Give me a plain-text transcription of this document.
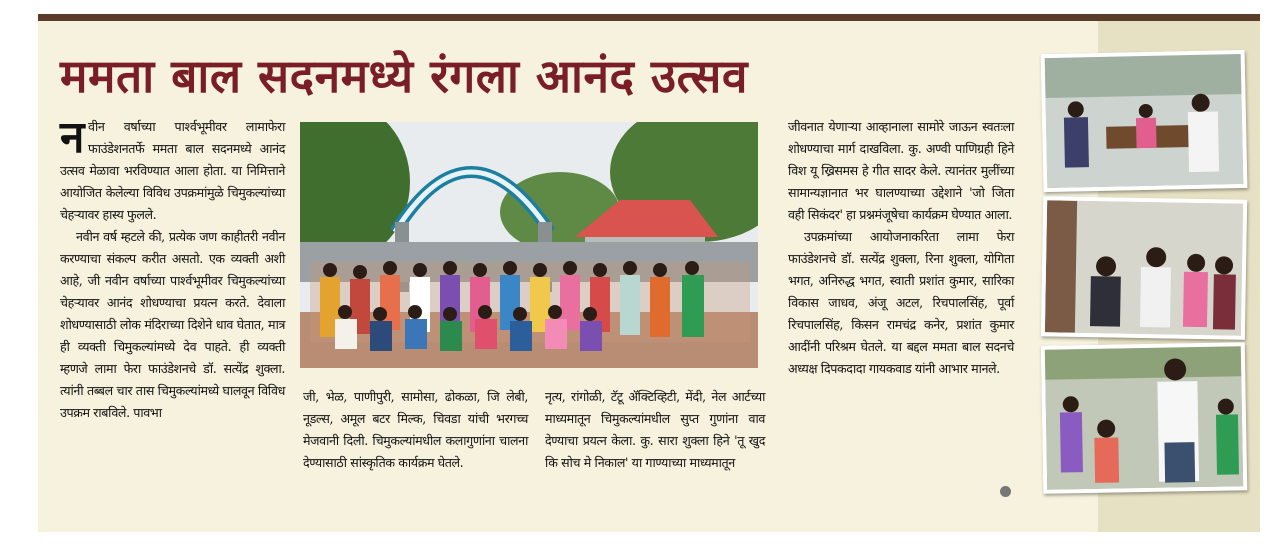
ममता बाल सदनमध्ये रंगला आनंद उत्सव

नवीन वर्षाच्या पार्श्वभूमीवर लामाफेरा फाउंडेशनतर्फे ममता बाल सदनमध्ये आनंद उत्सव मेळावा भरविण्यात आला होता. या निमित्ताने आयोजित केलेल्या विविध उपक्रमांमुळे चिमुकल्यांच्या चेहऱ्यावर हास्य फुलले.

नवीन वर्ष म्हटले की, प्रत्येक जण काहीतरी नवीन करण्याचा संकल्प करीत असतो. एक व्यक्ती अशी आहे, जी नवीन वर्षाच्या पार्श्वभूमीवर चिमुकल्यांच्या चेहऱ्यावर आनंद शोधण्याचा प्रयत्न करते. देवाला शोधण्यासाठी लोक मंदिराच्या दिशेने धाव घेतात, मात्र ही व्यक्ती चिमुकल्यांमध्ये देव पाहते. ही व्यक्ती म्हणजे लामा फेरा फाउंडेशनचे डॉ. सत्येंद्र शुक्ला. त्यांनी तब्बल चार तास चिमुकल्यांमध्ये घालवून विविध उपक्रम राबविले. पावभा

जी, भेळ, पाणीपुरी, सामोसा, ढोकळा, जि लेबी, नूडल्स, अमूल बटर मिल्क, चिवडा यांची भरगच्च मेजवानी दिली. चिमुकल्यांमधील कलागुणांना चालना देण्यासाठी सांस्कृतिक कार्यक्रम घेतले.

नृत्य, रांगोळी, टॅटू ॲक्टिव्हिटी, मेंदी, नेल आर्टच्या माध्यमातून चिमुकल्यांमधील सुप्त गुणांना वाव देण्याचा प्रयत्न केला. कु. सारा शुक्ला हिने 'तू खुद कि सोच मे निकाल' या गाण्याच्या माध्यमातून

जीवनात येणाऱ्या आव्हानाला सामोरे जाऊन स्वतःला शोधण्याचा मार्ग दाखविला. कु. अण्वी पाणिग्रही हिने विश यू ख्रिसमस हे गीत सादर केले. त्यानंतर मुलींच्या सामान्यज्ञानात भर घालण्याच्या उद्देशाने 'जो जिता वही सिकंदर' हा प्रश्नमंजूषेचा कार्यक्रम घेण्यात आला.

उपक्रमांच्या आयोजनाकरिता लामा फेरा फाउंडेशनचे डॉ. सत्येंद्र शुक्ला, रिना शुक्ला, योगिता भगत, अनिरुद्ध भगत, स्वाती प्रशांत कुमार, सारिका विकास जाधव, अंजू अटल, रिचपालसिंह, पूर्वा रिचपालसिंह, किसन रामचंद्र कनेर, प्रशांत कुमार आदींनी परिश्रम घेतले. या बद्दल ममता बाल सदनचे अध्यक्ष दिपकदादा गायकवाड यांनी आभार मानले.
